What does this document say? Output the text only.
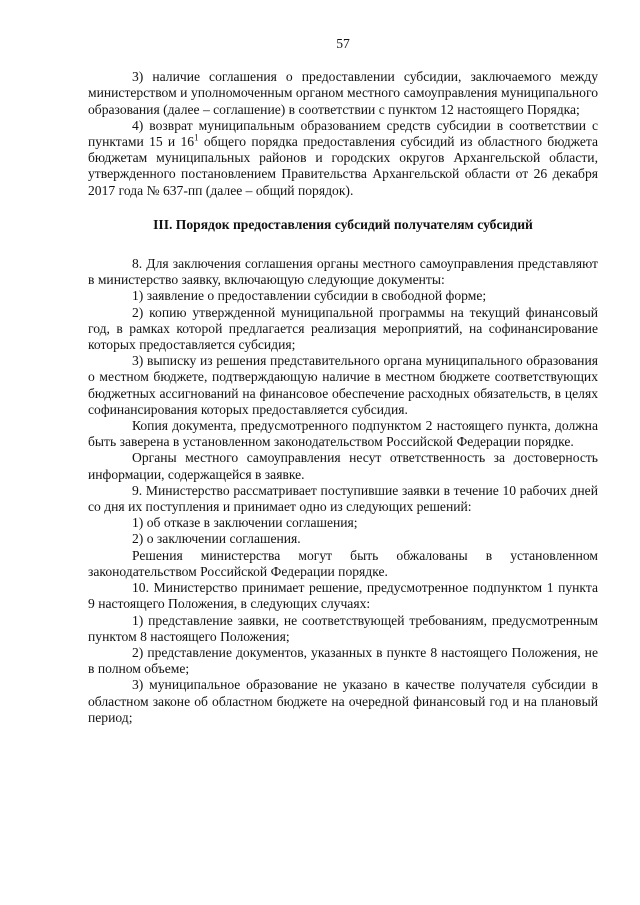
57

3) наличие соглашения о предоставлении субсидии, заключаемого между министерством и уполномоченным органом местного самоуправления муниципального образования (далее – соглашение) в соответствии с пунктом 12 настоящего Порядка;

4) возврат муниципальным образованием средств субсидии в соответствии с пунктами 15 и $16^1$ общего порядка предоставления субсидий из областного бюджета бюджетам муниципальных районов и городских округов Архангельской области, утвержденного постановлением Правительства Архангельской области от 26 декабря 2017 года № 637-пп (далее – общий порядок).

III. Порядок предоставления субсидий получателям субсидий

8. Для заключения соглашения органы местного самоуправления представляют в министерство заявку, включающую следующие документы:

1) заявление о предоставлении субсидии в свободной форме;

2) копию утвержденной муниципальной программы на текущий финансовый год, в рамках которой предлагается реализация мероприятий, на софинансирование которых предоставляется субсидия;

3) выписку из решения представительного органа муниципального образования о местном бюджете, подтверждающую наличие в местном бюджете соответствующих бюджетных ассигнований на финансовое обеспечение расходных обязательств, в целях софинансирования которых предоставляется субсидия.

Копия документа, предусмотренного подпунктом 2 настоящего пункта, должна быть заверена в установленном законодательством Российской Федерации порядке.

Органы местного самоуправления несут ответственность за достоверность информации, содержащейся в заявке.

9. Министерство рассматривает поступившие заявки в течение 10 рабочих дней со дня их поступления и принимает одно из следующих решений:

1) об отказе в заключении соглашения;

2) о заключении соглашения.

Решения министерства могут быть обжалованы в установленном законодательством Российской Федерации порядке.

10. Министерство принимает решение, предусмотренное подпунктом 1 пункта 9 настоящего Положения, в следующих случаях:

1) представление заявки, не соответствующей требованиям, предусмотренным пунктом 8 настоящего Положения;

2) представление документов, указанных в пункте 8 настоящего Положения, не в полном объеме;

3) муниципальное образование не указано в качестве получателя субсидии в областном законе об областном бюджете на очередной финансовый год и на плановый период;
